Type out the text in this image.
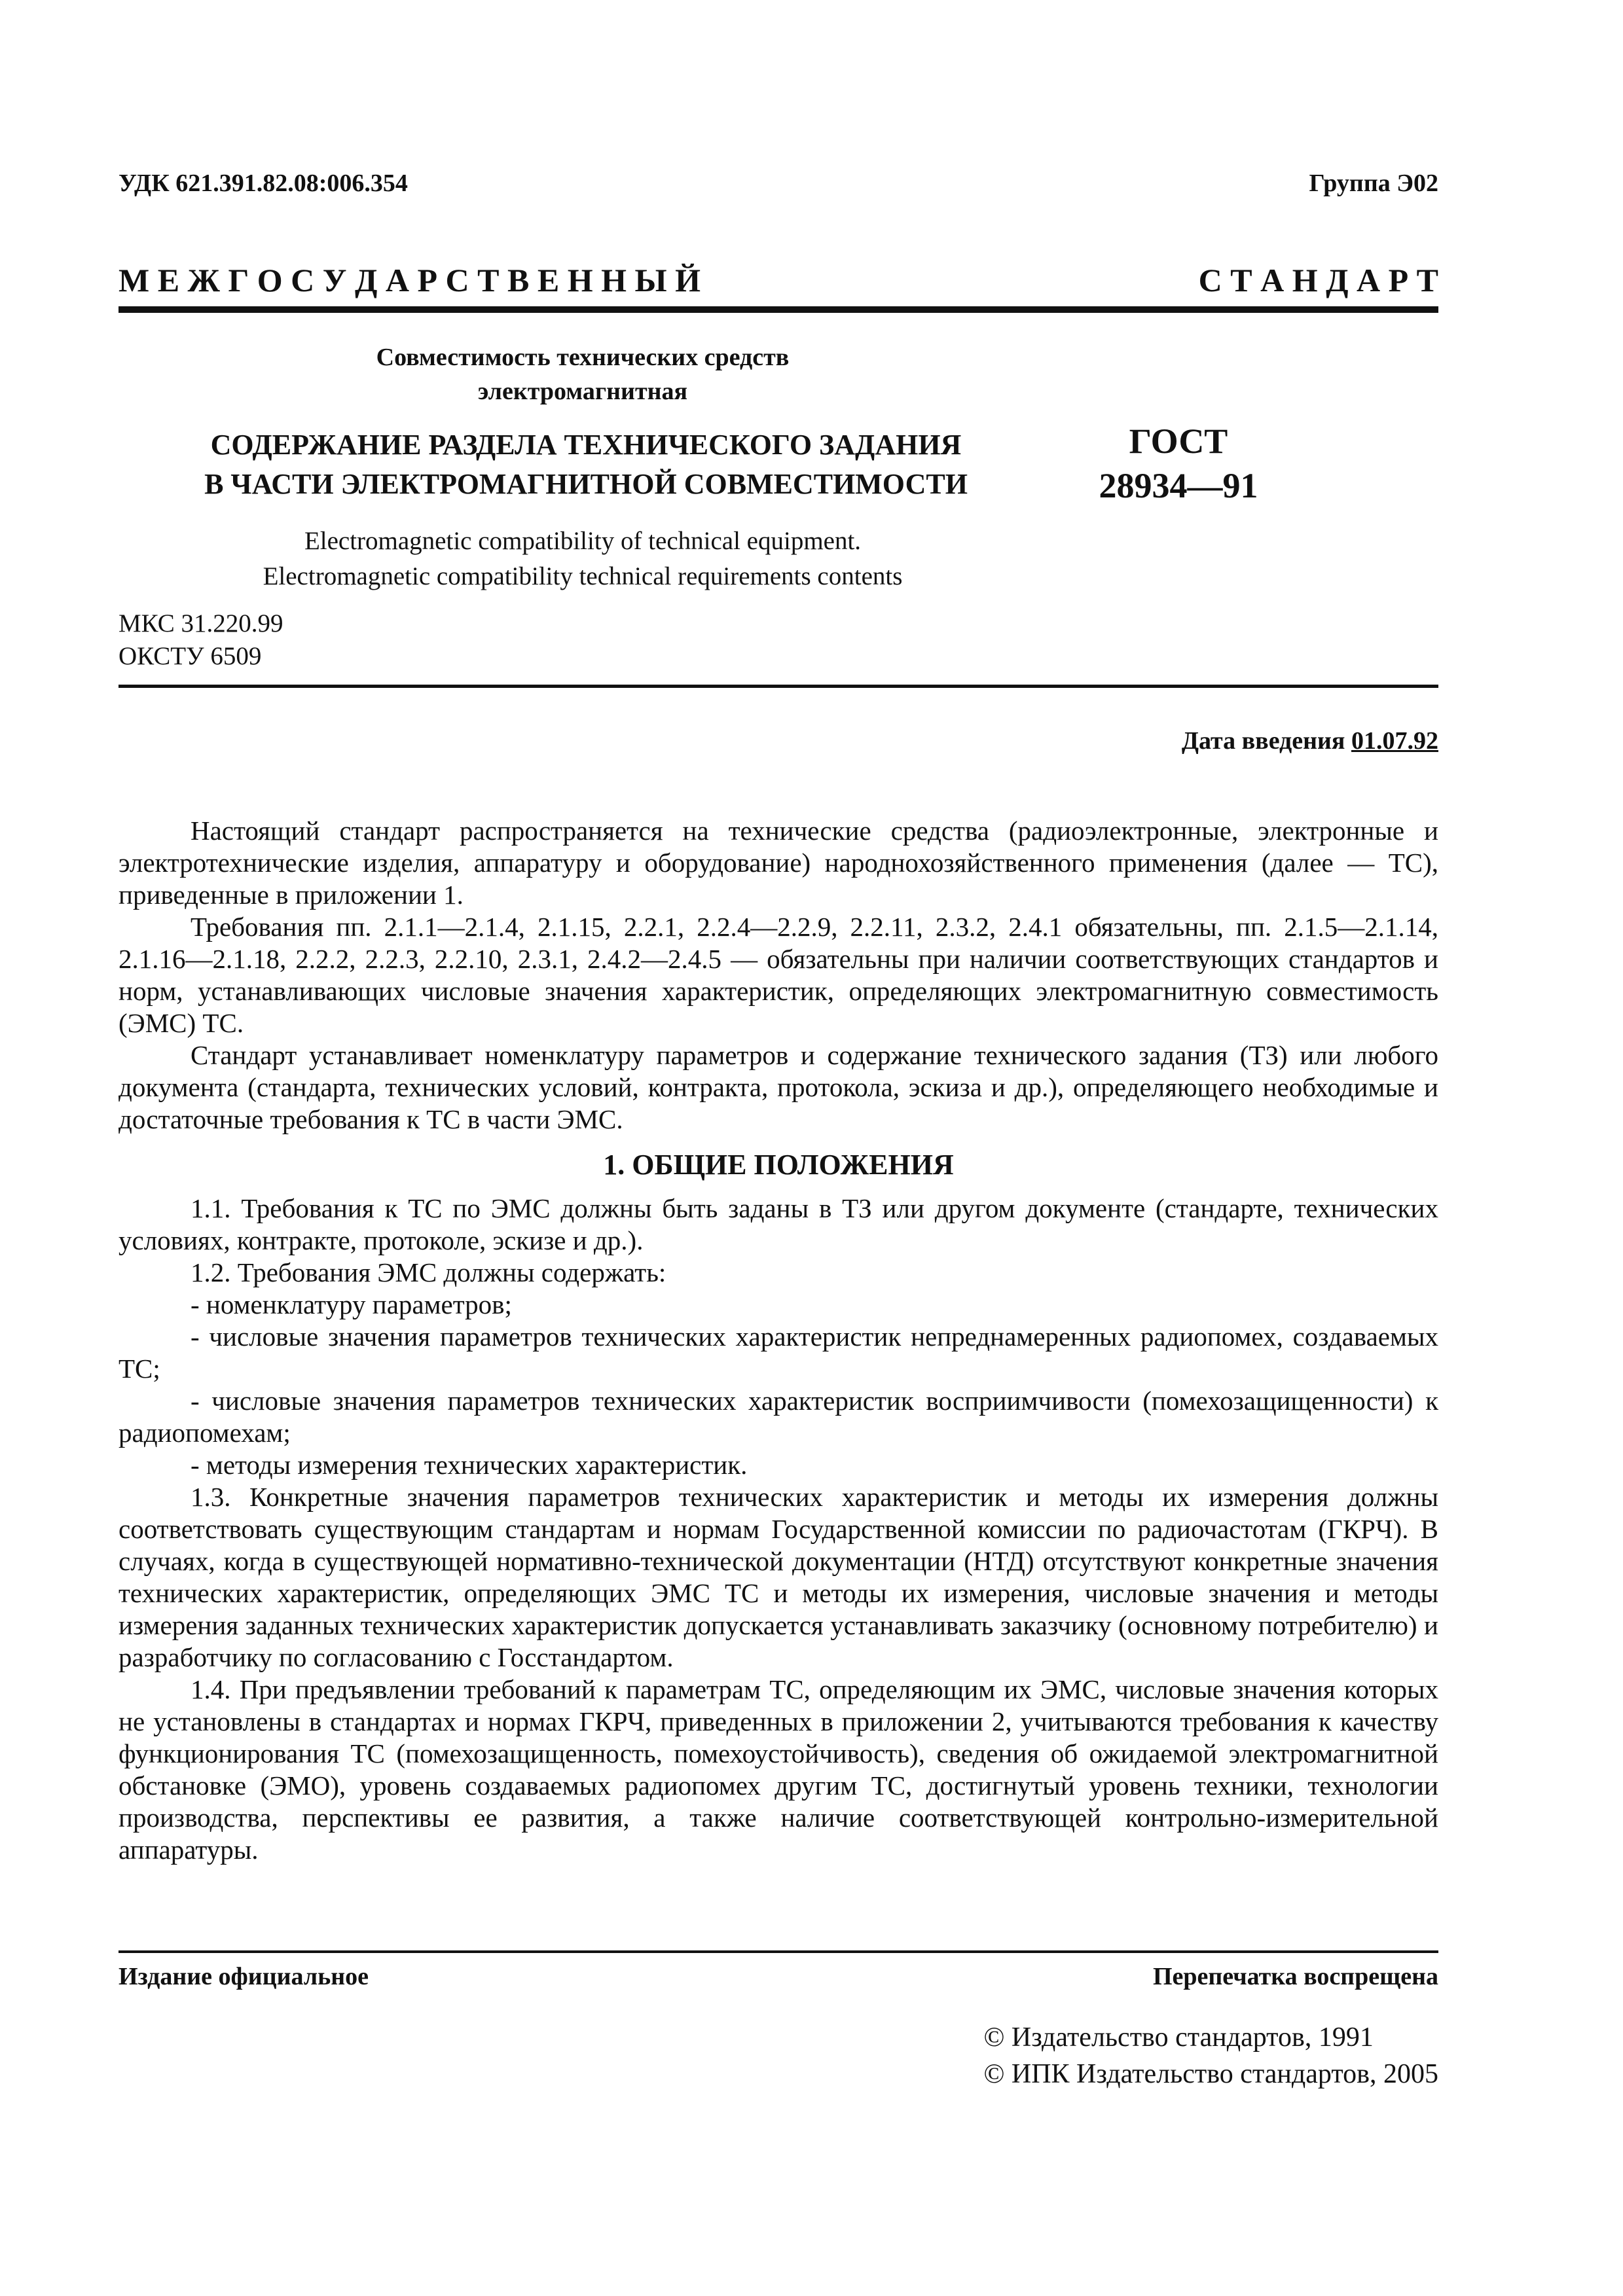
УДК 621.391.82.08:006.354	Группа Э02
М Е Ж Г О С У Д А Р С Т В Е Н Н Ы Й	С Т А Н Д А Р Т
Совместимость технических средств
электромагнитная
СОДЕРЖАНИЕ РАЗДЕЛА ТЕХНИЧЕСКОГО ЗАДАНИЯ
В ЧАСТИ ЭЛЕКТРОМАГНИТНОЙ СОВМЕСТИМОСТИ
ГОСТ
28934—91
Electromagnetic compatibility of technical equipment.
Electromagnetic compatibility technical requirements contents
МКС 31.220.99
ОКСТУ 6509
Дата введения 01.07.92

Настоящий стандарт распространяется на технические средства (радиоэлектронные, электронные и электротехнические изделия, аппаратуру и оборудование) народнохозяйственного применения (далее — ТС), приведенные в приложении 1.

Требования пп. 2.1.1—2.1.4, 2.1.15, 2.2.1, 2.2.4—2.2.9, 2.2.11, 2.3.2, 2.4.1 обязательны, пп. 2.1.5—2.1.14, 2.1.16—2.1.18, 2.2.2, 2.2.3, 2.2.10, 2.3.1, 2.4.2—2.4.5 — обязательны при наличии соответствующих стандартов и норм, устанавливающих числовые значения характеристик, определяющих электромагнитную совместимость (ЭМС) ТС.

Стандарт устанавливает номенклатуру параметров и содержание технического задания (ТЗ) или любого документа (стандарта, технических условий, контракта, протокола, эскиза и др.), определяющего необходимые и достаточные требования к ТС в части ЭМС.

1. ОБЩИЕ ПОЛОЖЕНИЯ

1.1. Требования к ТС по ЭМС должны быть заданы в ТЗ или другом документе (стандарте, технических условиях, контракте, протоколе, эскизе и др.).

1.2. Требования ЭМС должны содержать:

- номенклатуру параметров;

- числовые значения параметров технических характеристик непреднамеренных радиопомех, создаваемых ТС;

- числовые значения параметров технических характеристик восприимчивости (помехозащищенности) к радиопомехам;

- методы измерения технических характеристик.

1.3. Конкретные значения параметров технических характеристик и методы их измерения должны соответствовать существующим стандартам и нормам Государственной комиссии по радиочастотам (ГКРЧ). В случаях, когда в существующей нормативно-технической документации (НТД) отсутствуют конкретные значения технических характеристик, определяющих ЭМС ТС и методы их измерения, числовые значения и методы измерения заданных технических характеристик допускается устанавливать заказчику (основному потребителю) и разработчику по согласованию с Госстандартом.

1.4. При предъявлении требований к параметрам ТС, определяющим их ЭМС, числовые значения которых не установлены в стандартах и нормах ГКРЧ, приведенных в приложении 2, учитываются требования к качеству функционирования ТС (помехозащищенность, помехоустойчивость), сведения об ожидаемой электромагнитной обстановке (ЭМО), уровень создаваемых радиопомех другим ТС, достигнутый уровень техники, технологии производства, перспективы ее развития, а также наличие соответствующей контрольно-измерительной аппаратуры.

Издание официальное	Перепечатка воспрещена
© Издательство стандартов, 1991
© ИПК Издательство стандартов, 2005
